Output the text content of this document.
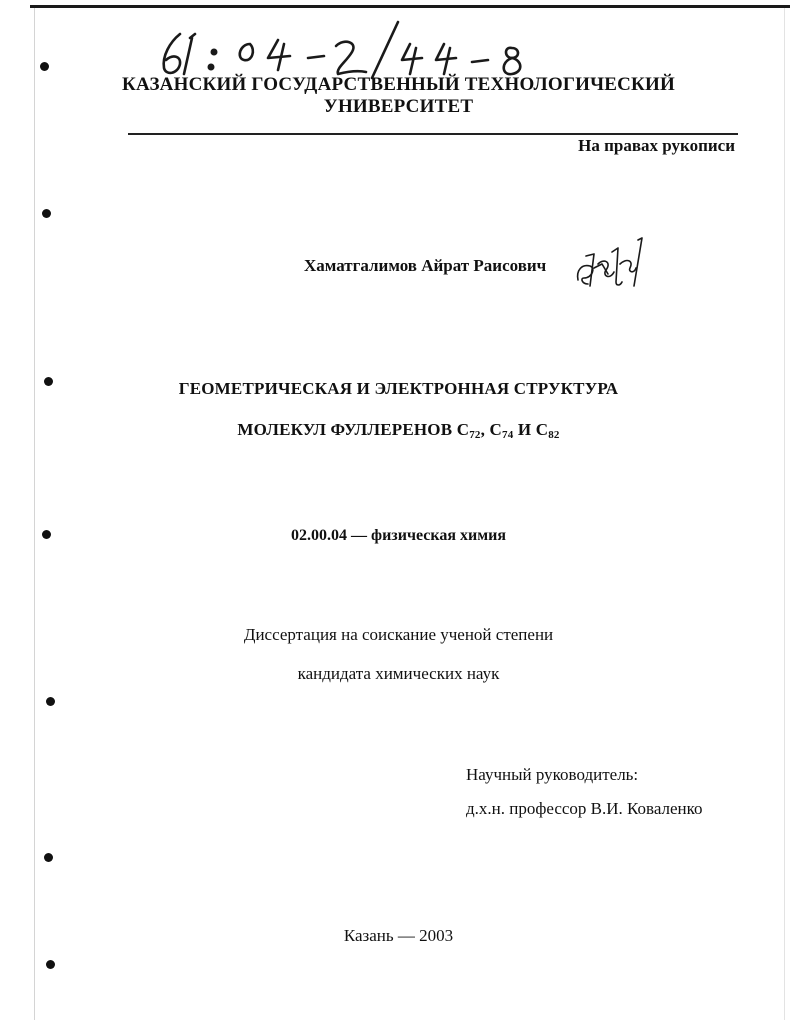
КАЗАНСКИЙ ГОСУДАРСТВЕННЫЙ ТЕХНОЛОГИЧЕСКИЙ
УНИВЕРСИТЕТ
На правах рукописи
Хаматгалимов Айрат Раисович
ГЕОМЕТРИЧЕСКАЯ И ЭЛЕКТРОННАЯ СТРУКТУРА
МОЛЕКУЛ ФУЛЛЕРЕНОВ $C_{72}$, $C_{74}$ И $C_{82}$
02.00.04 — физическая химия
Диссертация на соискание ученой степени
кандидата химических наук
Научный руководитель:
д.х.н. профессор В.И. Коваленко
Казань — 2003
